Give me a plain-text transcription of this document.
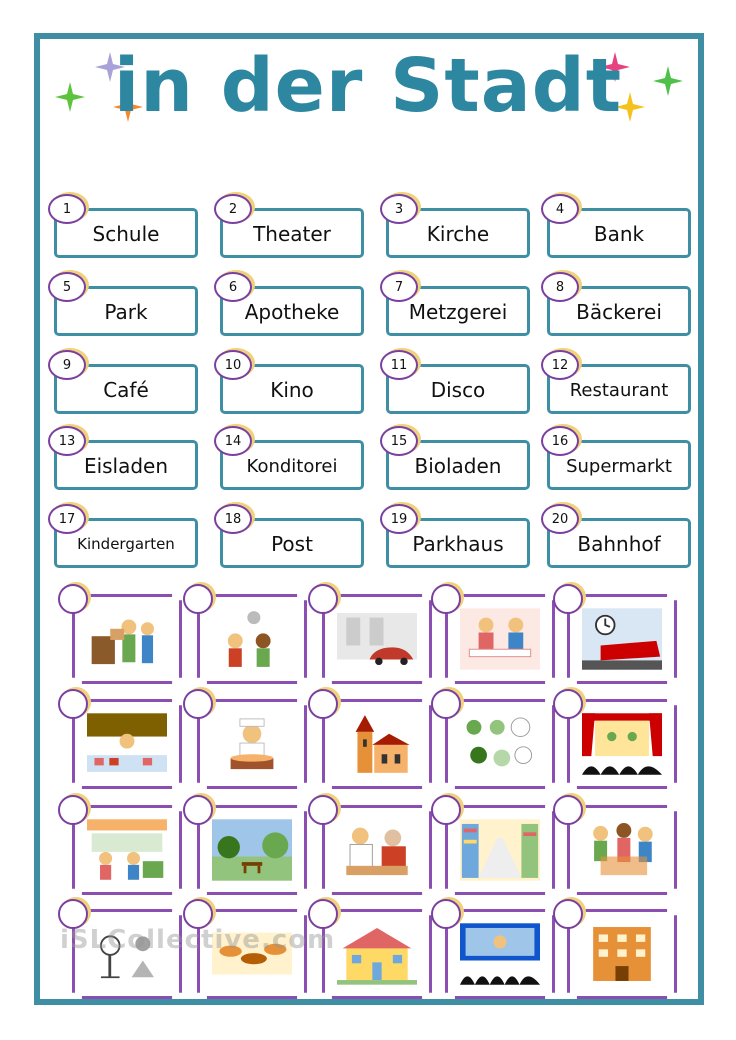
in der Stadt
Schule
1
Theater
2
Kirche
3
Bank
4
Park
5
Apotheke
6
Metzgerei
7
Bäckerei
8
Café
9
Kino
10
Disco
11
Restaurant
12
Eisladen
13
Konditorei
14
Bioladen
15
Supermarkt
16
Kindergarten
17
Post
18
Parkhaus
19
Bahnhof
20
iSLCollective.com
